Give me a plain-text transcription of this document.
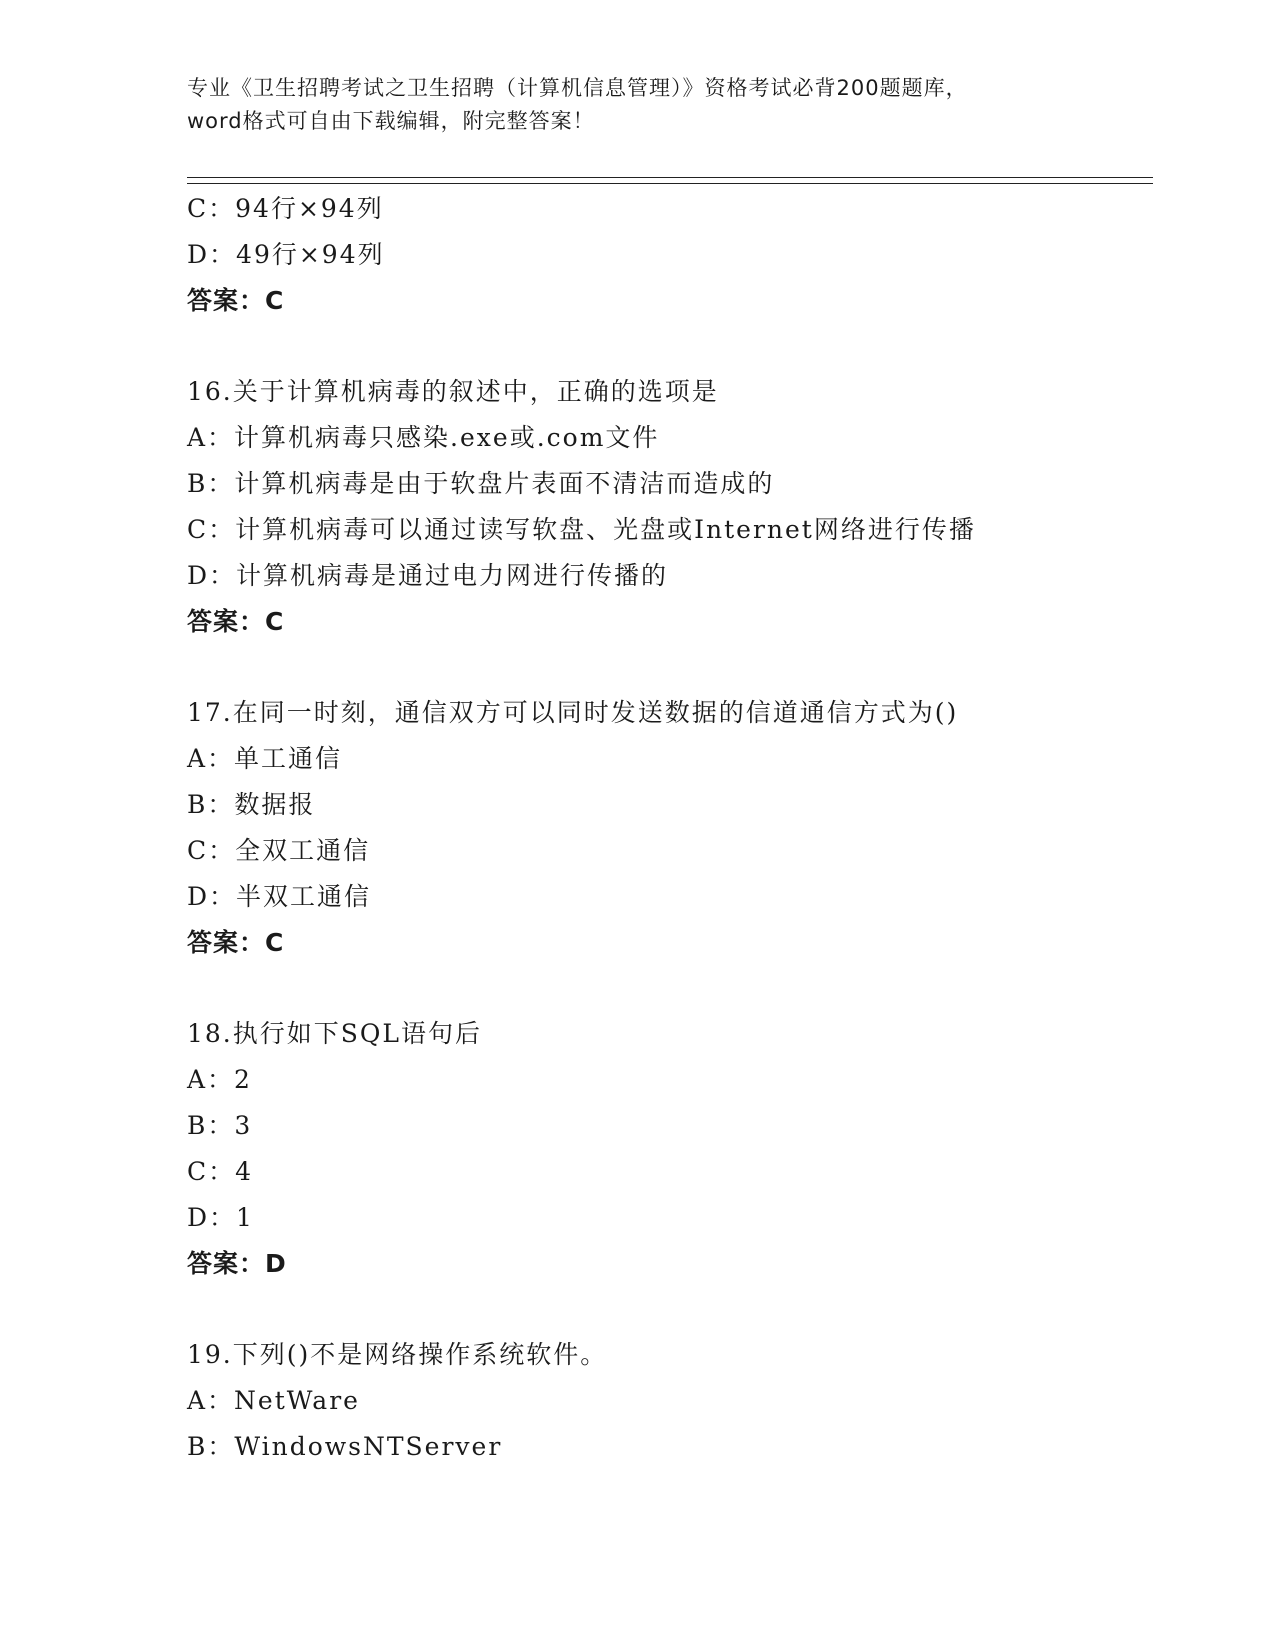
专业《卫生招聘考试之卫生招聘（计算机信息管理）》资格考试必背200题题库，
word格式可自由下载编辑，附完整答案！
C：94行×94列
D：49行×94列
答案：C
16.关于计算机病毒的叙述中，正确的选项是
A：计算机病毒只感染.exe或.com文件
B：计算机病毒是由于软盘片表面不清洁而造成的
C：计算机病毒可以通过读写软盘、光盘或Internet网络进行传播
D：计算机病毒是通过电力网进行传播的
答案：C
17.在同一时刻，通信双方可以同时发送数据的信道通信方式为()
A：单工通信
B：数据报
C：全双工通信
D：半双工通信
答案：C
18.执行如下SQL语句后
A：2
B：3
C：4
D：1
答案：D
19.下列()不是网络操作系统软件。
A：NetWare
B：WindowsNTServer
